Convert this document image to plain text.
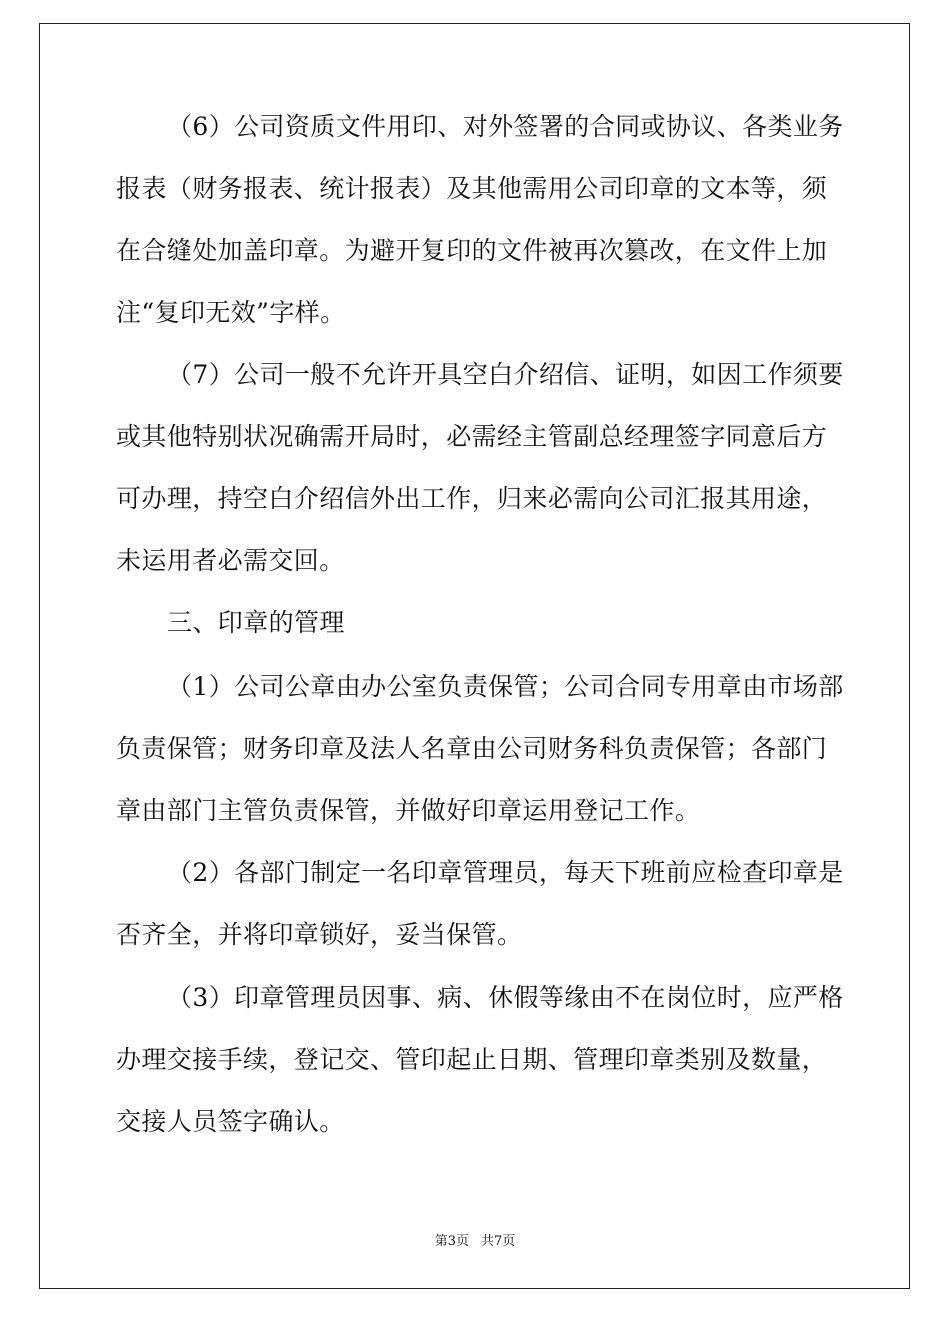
（6）公司资质文件用印、对外签署的合同或协议、各类业务

报表（财务报表、统计报表）及其他需用公司印章的文本等，须

在合缝处加盖印章。为避开复印的文件被再次篡改，在文件上加

注“复印无效”字样。

（7）公司一般不允许开具空白介绍信、证明，如因工作须要

或其他特别状况确需开局时，必需经主管副总经理签字同意后方

可办理，持空白介绍信外出工作，归来必需向公司汇报其用途，

未运用者必需交回。

三、印章的管理

（1）公司公章由办公室负责保管；公司合同专用章由市场部

负责保管；财务印章及法人名章由公司财务科负责保管；各部门

章由部门主管负责保管，并做好印章运用登记工作。

（2）各部门制定一名印章管理员，每天下班前应检查印章是

否齐全，并将印章锁好，妥当保管。

（3）印章管理员因事、病、休假等缘由不在岗位时，应严格

办理交接手续，登记交、管印起止日期、管理印章类别及数量，

交接人员签字确认。

第3页 共7页
